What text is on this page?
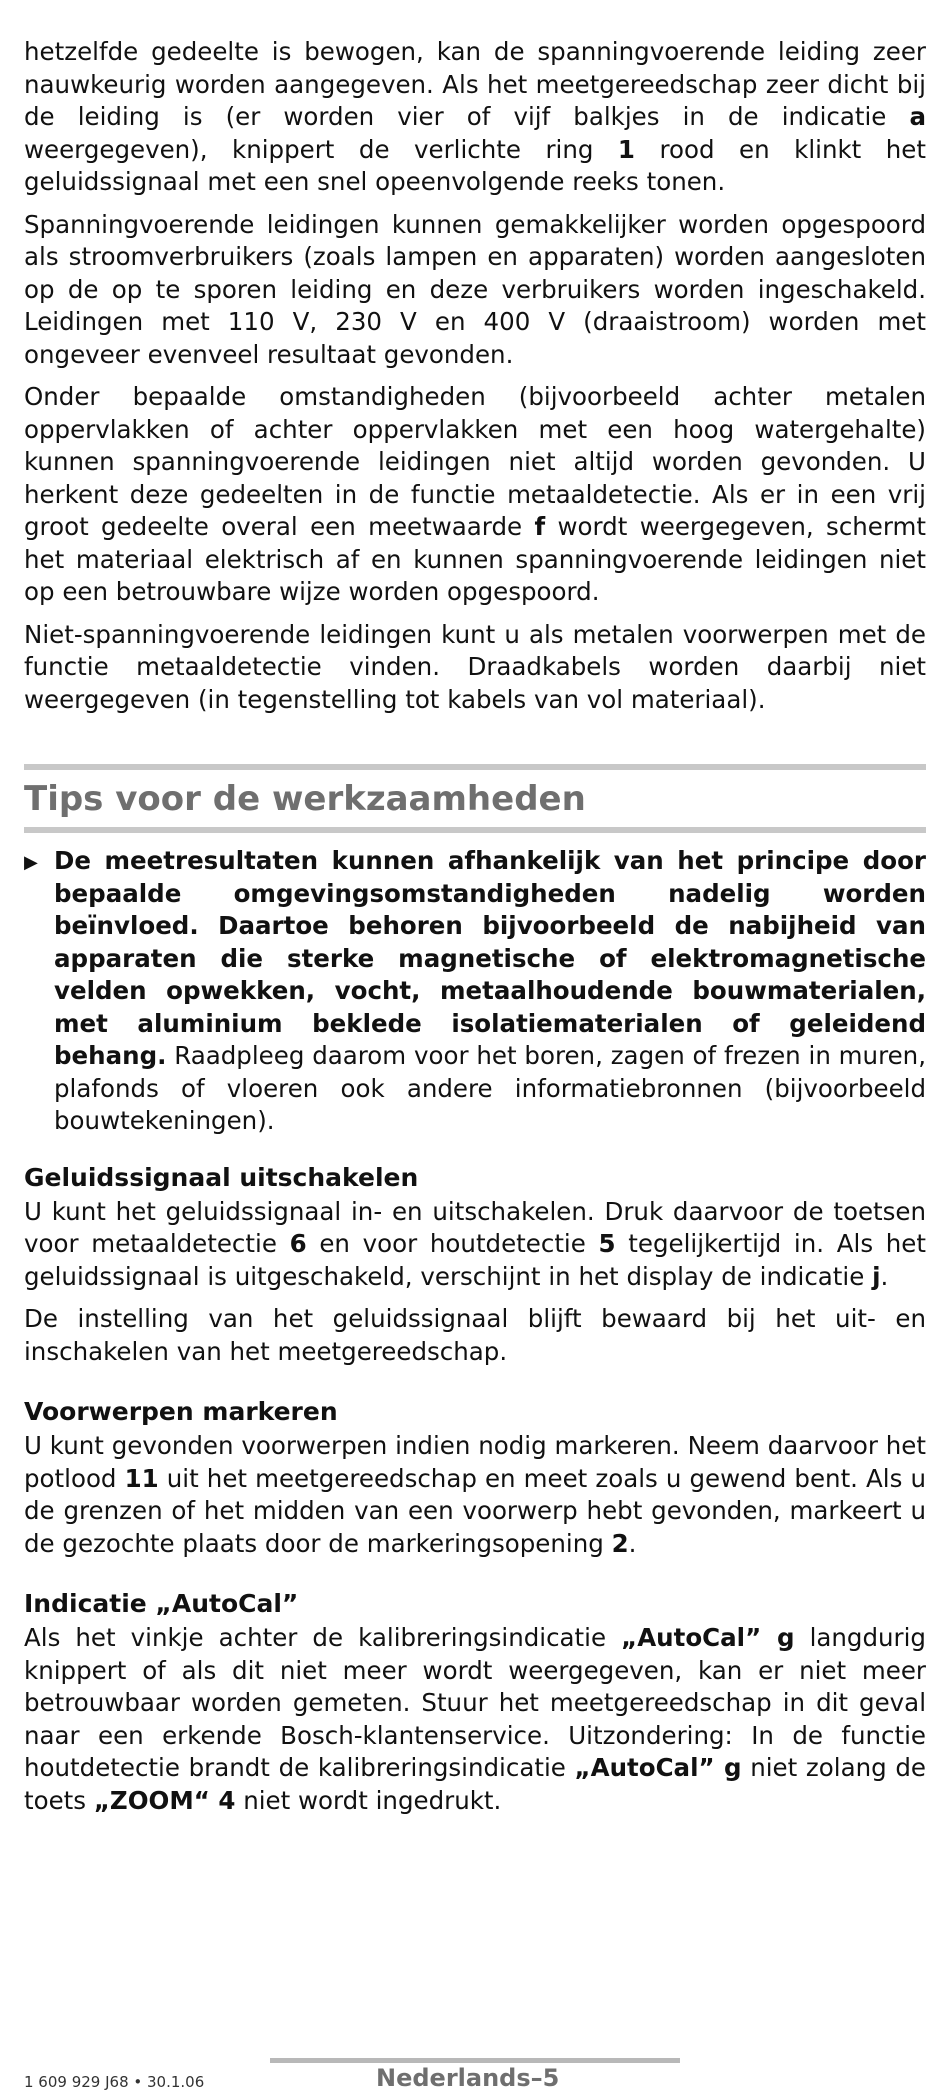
hetzelfde gedeelte is bewogen, kan de spanningvoerende leiding zeer nauwkeurig worden aangegeven. Als het meetgereedschap zeer dicht bij de leiding is (er worden vier of vijf balkjes in de indicatie a weergegeven), knippert de verlichte ring 1 rood en klinkt het geluidssignaal met een snel opeenvolgende reeks tonen.

Spanningvoerende leidingen kunnen gemakkelijker worden opgespoord als stroomverbruikers (zoals lampen en apparaten) worden aangesloten op de op te sporen leiding en deze verbruikers worden ingeschakeld. Leidingen met 110 V, 230 V en 400 V (draaistroom) worden met ongeveer evenveel resultaat gevonden.

Onder bepaalde omstandigheden (bijvoorbeeld achter metalen oppervlakken of achter oppervlakken met een hoog watergehalte) kunnen spanningvoerende leidingen niet altijd worden gevonden. U herkent deze gedeelten in de functie metaaldetectie. Als er in een vrij groot gedeelte overal een meetwaarde f wordt weergegeven, schermt het materiaal elektrisch af en kunnen spanningvoerende leidingen niet op een betrouwbare wijze worden opgespoord.

Niet-spanningvoerende leidingen kunt u als metalen voorwerpen met de functie metaaldetectie vinden. Draadkabels worden daarbij niet weergegeven (in tegenstelling tot kabels van vol materiaal).

Tips voor de werkzaamheden
▶ De meetresultaten kunnen afhankelijk van het principe door bepaalde omgevingsomstandigheden nadelig worden beïnvloed. Daartoe behoren bijvoorbeeld de nabijheid van apparaten die sterke magnetische of elektromagnetische velden opwekken, vocht, metaalhoudende bouwmaterialen, met aluminium beklede isolatiematerialen of geleidend behang. Raadpleeg daarom voor het boren, zagen of frezen in muren, plafonds of vloeren ook andere informatiebronnen (bijvoorbeeld bouwtekeningen).

Geluidssignaal uitschakelen

U kunt het geluidssignaal in- en uitschakelen. Druk daarvoor de toetsen voor metaaldetectie 6 en voor houtdetectie 5 tegelijkertijd in. Als het geluidssignaal is uitgeschakeld, verschijnt in het display de indicatie j.

De instelling van het geluidssignaal blijft bewaard bij het uit- en inschakelen van het meetgereedschap.

Voorwerpen markeren

U kunt gevonden voorwerpen indien nodig markeren. Neem daarvoor het potlood 11 uit het meetgereedschap en meet zoals u gewend bent. Als u de grenzen of het midden van een voorwerp hebt gevonden, markeert u de gezochte plaats door de markeringsopening 2.

Indicatie „AutoCal”

Als het vinkje achter de kalibreringsindicatie „AutoCal” g langdurig knippert of als dit niet meer wordt weergegeven, kan er niet meer betrouwbaar worden gemeten. Stuur het meetgereedschap in dit geval naar een erkende Bosch-klantenservice. Uitzondering: In de functie houtdetectie brandt de kalibreringsindicatie „AutoCal” g niet zolang de toets „ZOOM“ 4 niet wordt ingedrukt.

1 609 929 J68 • 30.1.06	Nederlands–5
